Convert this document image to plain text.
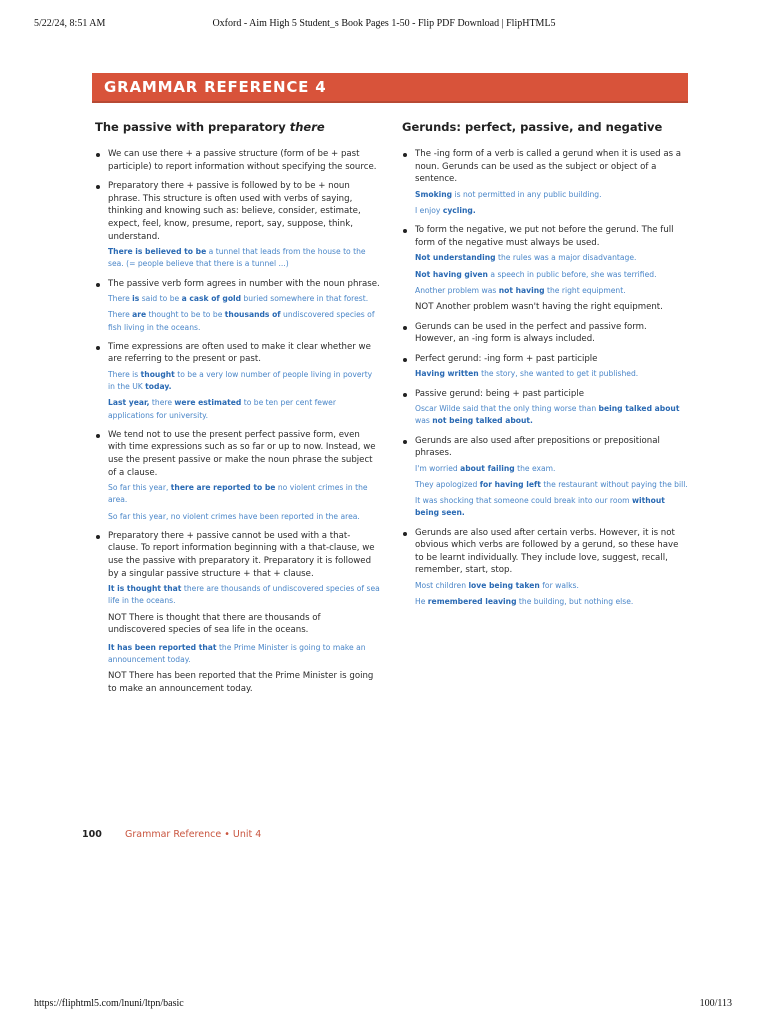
5/22/24, 8:51 AM	Oxford - Aim High 5 Student_s Book Pages 1-50 - Flip PDF Download | FlipHTML5
GRAMMAR REFERENCE 4
The passive with preparatory there
We can use there + a passive structure (form of be + past participle) to report information without specifying the source.
Preparatory there + passive is followed by to be + noun phrase. This structure is often used with verbs of saying, thinking and knowing such as: believe, consider, estimate, expect, feel, know, presume, report, say, suppose, think, understand.
There is believed to be a tunnel that leads from the house to the sea. (= people believe that there is a tunnel ...)
The passive verb form agrees in number with the noun phrase.
There is said to be a cask of gold buried somewhere in that forest.
There are thought to be to be thousands of undiscovered species of fish living in the oceans.
Time expressions are often used to make it clear whether we are referring to the present or past.
There is thought to be a very low number of people living in poverty in the UK today.
Last year, there were estimated to be ten per cent fewer applications for university.
We tend not to use the present perfect passive form, even with time expressions such as so far or up to now. Instead, we use the present passive or make the noun phrase the subject of a clause.
So far this year, there are reported to be no violent crimes in the area.
So far this year, no violent crimes have been reported in the area.
Preparatory there + passive cannot be used with a that-clause. To report information beginning with a that-clause, we use the passive with preparatory it. Preparatory it is followed by a singular passive structure + that + clause.
It is thought that there are thousands of undiscovered species of sea life in the oceans.
NOT There is thought that there are thousands of undiscovered species of sea life in the oceans.
It has been reported that the Prime Minister is going to make an announcement today.
NOT There has been reported that the Prime Minister is going to make an announcement today.
Gerunds: perfect, passive, and negative
The -ing form of a verb is called a gerund when it is used as a noun. Gerunds can be used as the subject or object of a sentence.
Smoking is not permitted in any public building.
I enjoy cycling.
To form the negative, we put not before the gerund. The full form of the negative must always be used.
Not understanding the rules was a major disadvantage.
Not having given a speech in public before, she was terrified.
Another problem was not having the right equipment.
NOT Another problem wasn't having the right equipment.
Gerunds can be used in the perfect and passive form. However, an -ing form is always included.
Perfect gerund: -ing form + past participle
Having written the story, she wanted to get it published.
Passive gerund: being + past participle
Oscar Wilde said that the only thing worse than being talked about was not being talked about.
Gerunds are also used after prepositions or prepositional phrases.
I'm worried about failing the exam.
They apologized for having left the restaurant without paying the bill.
It was shocking that someone could break into our room without being seen.
Gerunds are also used after certain verbs. However, it is not obvious which verbs are followed by a gerund, so these have to be learnt individually. They include love, suggest, recall, remember, start, stop.
Most children love being taken for walks.
He remembered leaving the building, but nothing else.
100 Grammar Reference • Unit 4
https://fliphtml5.com/lnuni/ltpn/basic	100/113
